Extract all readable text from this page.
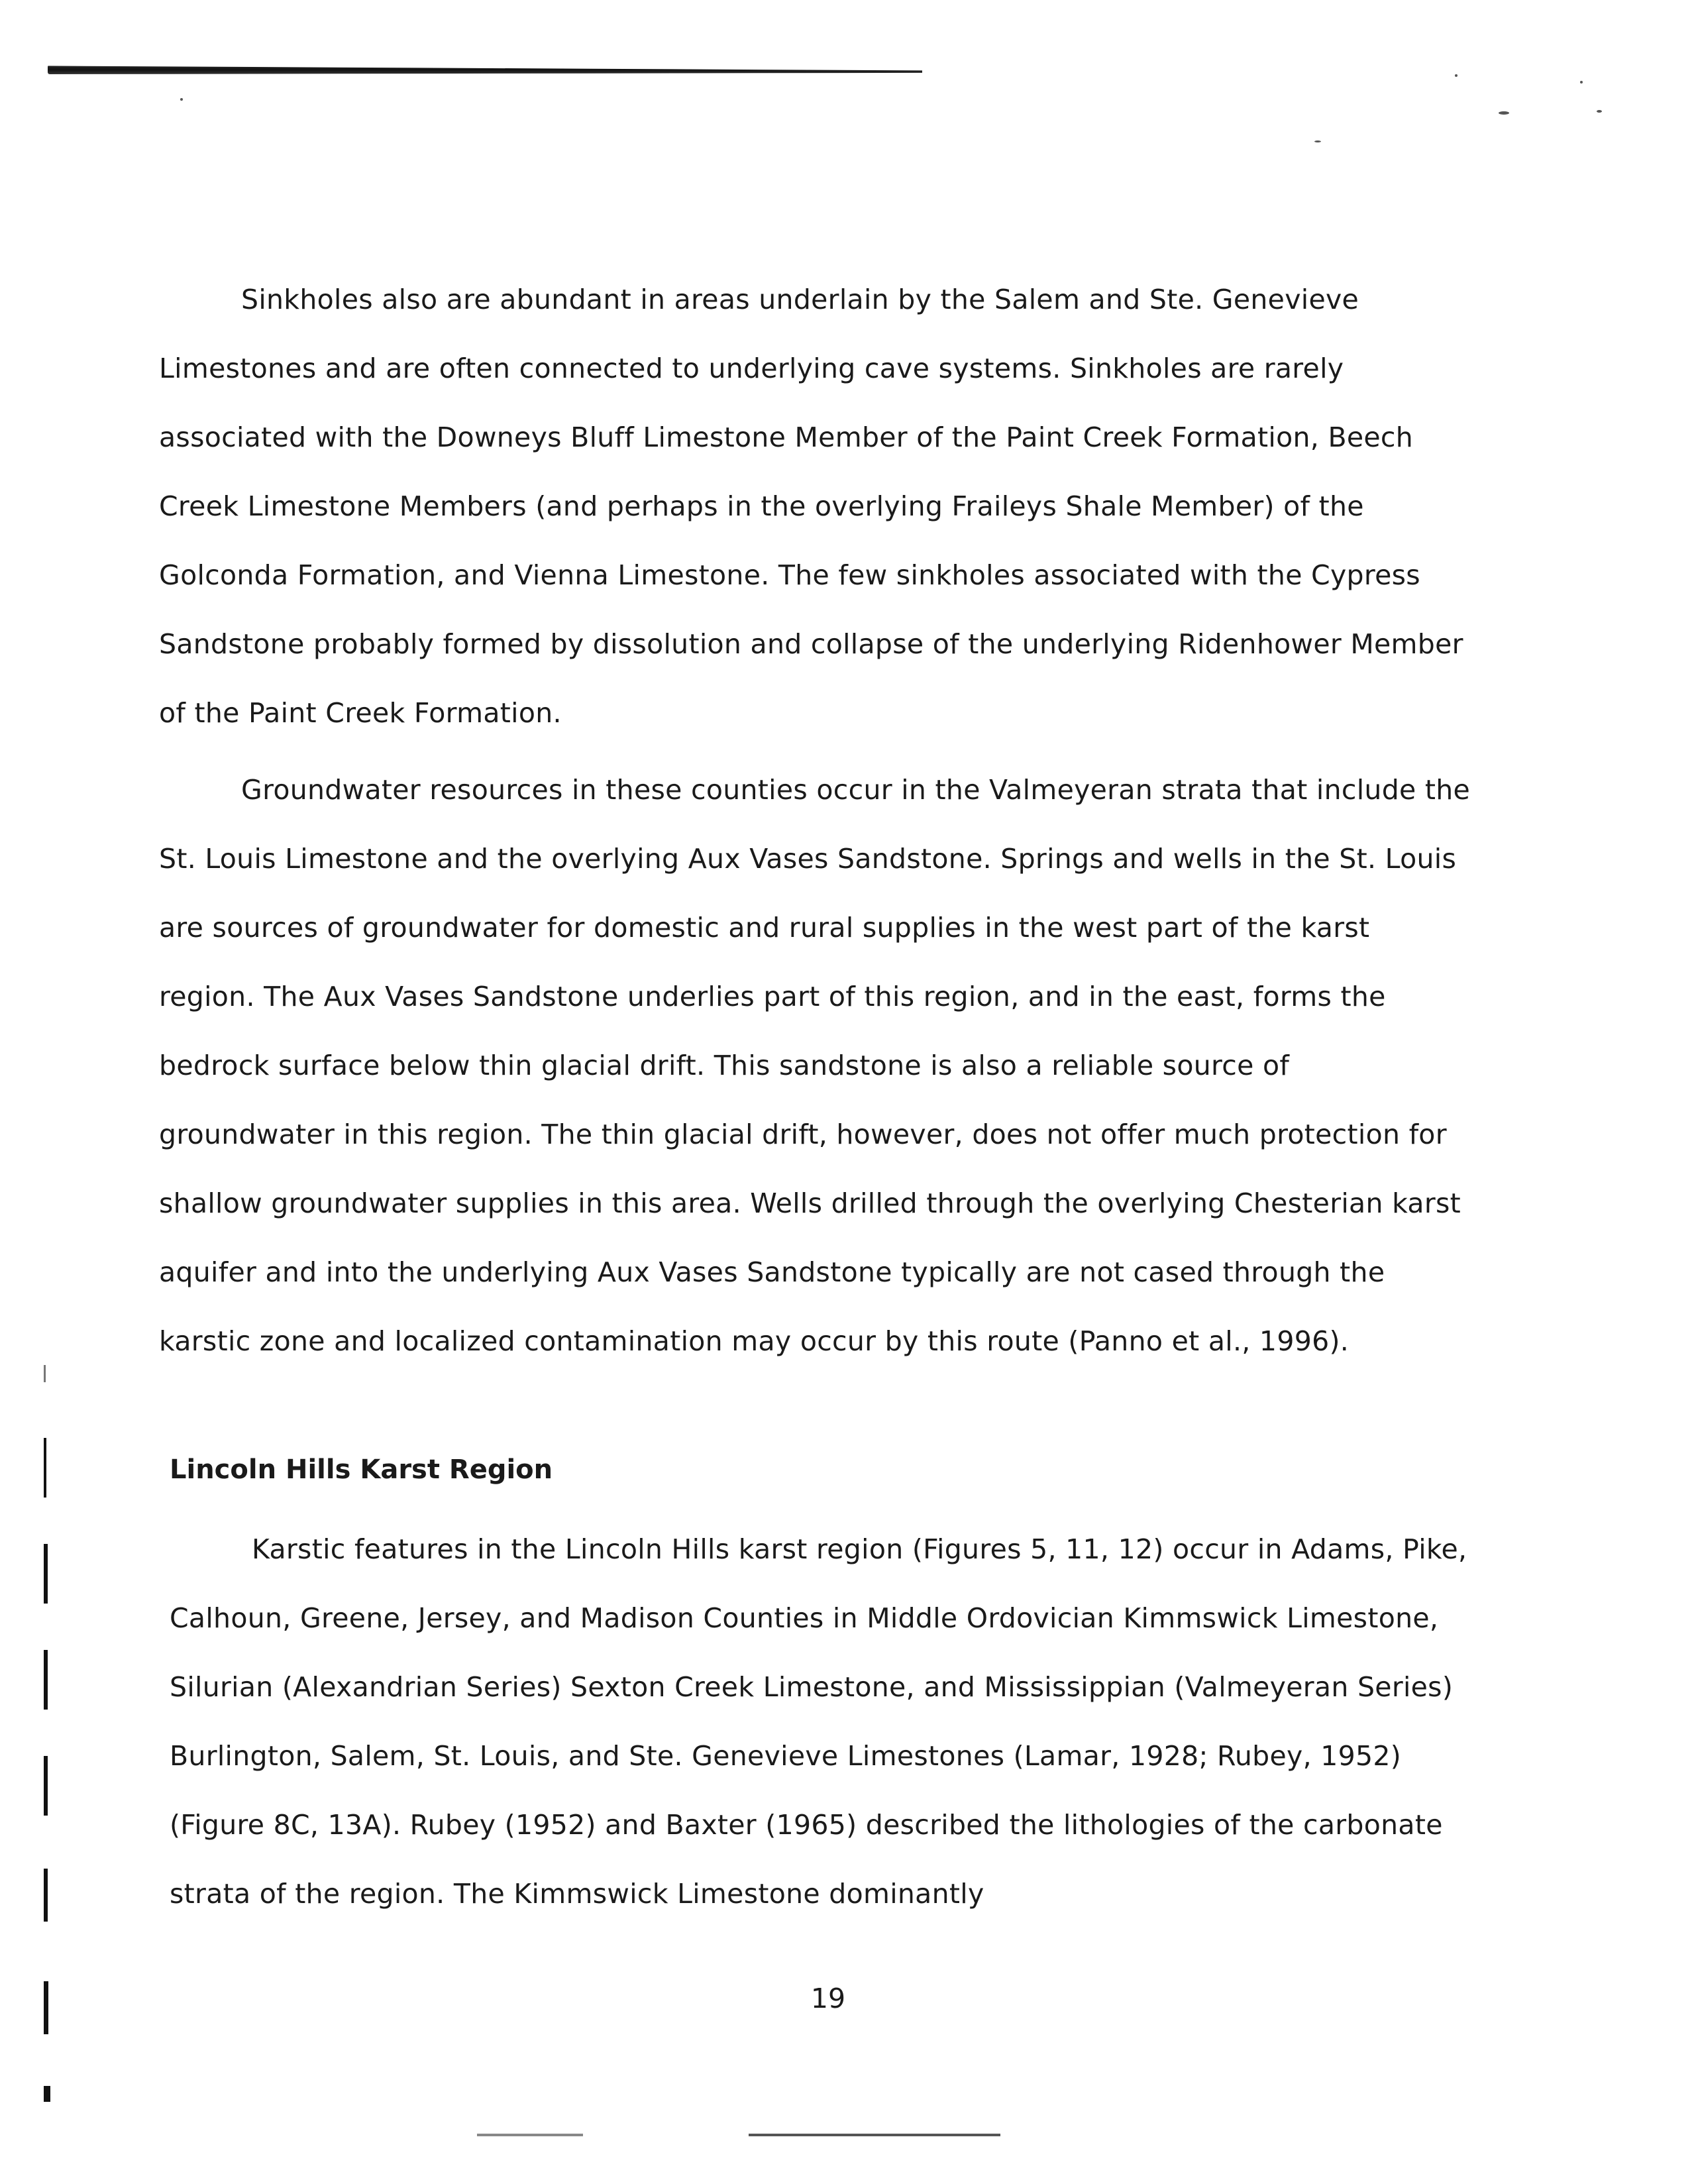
Sinkholes also are abundant in areas underlain by the Salem and Ste. Genevieve Limestones and are often connected to underlying cave systems. Sinkholes are rarely associated with the Downeys Bluff Limestone Member of the Paint Creek Formation, Beech Creek Limestone Members (and perhaps in the overlying Fraileys Shale Member) of the Golconda Formation, and Vienna Limestone. The few sinkholes associated with the Cypress Sandstone probably formed by dissolution and collapse of the underlying Ridenhower Member of the Paint Creek Formation.

Groundwater resources in these counties occur in the Valmeyeran strata that include the St. Louis Limestone and the overlying Aux Vases Sandstone. Springs and wells in the St. Louis are sources of groundwater for domestic and rural supplies in the west part of the karst region. The Aux Vases Sandstone underlies part of this region, and in the east, forms the bedrock surface below thin glacial drift. This sandstone is also a reliable source of groundwater in this region. The thin glacial drift, however, does not offer much protection for shallow groundwater supplies in this area. Wells drilled through the overlying Chesterian karst aquifer and into the underlying Aux Vases Sandstone typically are not cased through the karstic zone and localized contamination may occur by this route (Panno et al., 1996).

Lincoln Hills Karst Region

Karstic features in the Lincoln Hills karst region (Figures 5, 11, 12) occur in Adams, Pike, Calhoun, Greene, Jersey, and Madison Counties in Middle Ordovician Kimmswick Limestone, Silurian (Alexandrian Series) Sexton Creek Limestone, and Mississippian (Valmeyeran Series) Burlington, Salem, St. Louis, and Ste. Genevieve Limestones (Lamar, 1928; Rubey, 1952) (Figure 8C, 13A). Rubey (1952) and Baxter (1965) described the lithologies of the carbonate strata of the region. The Kimmswick Limestone dominantly

19
